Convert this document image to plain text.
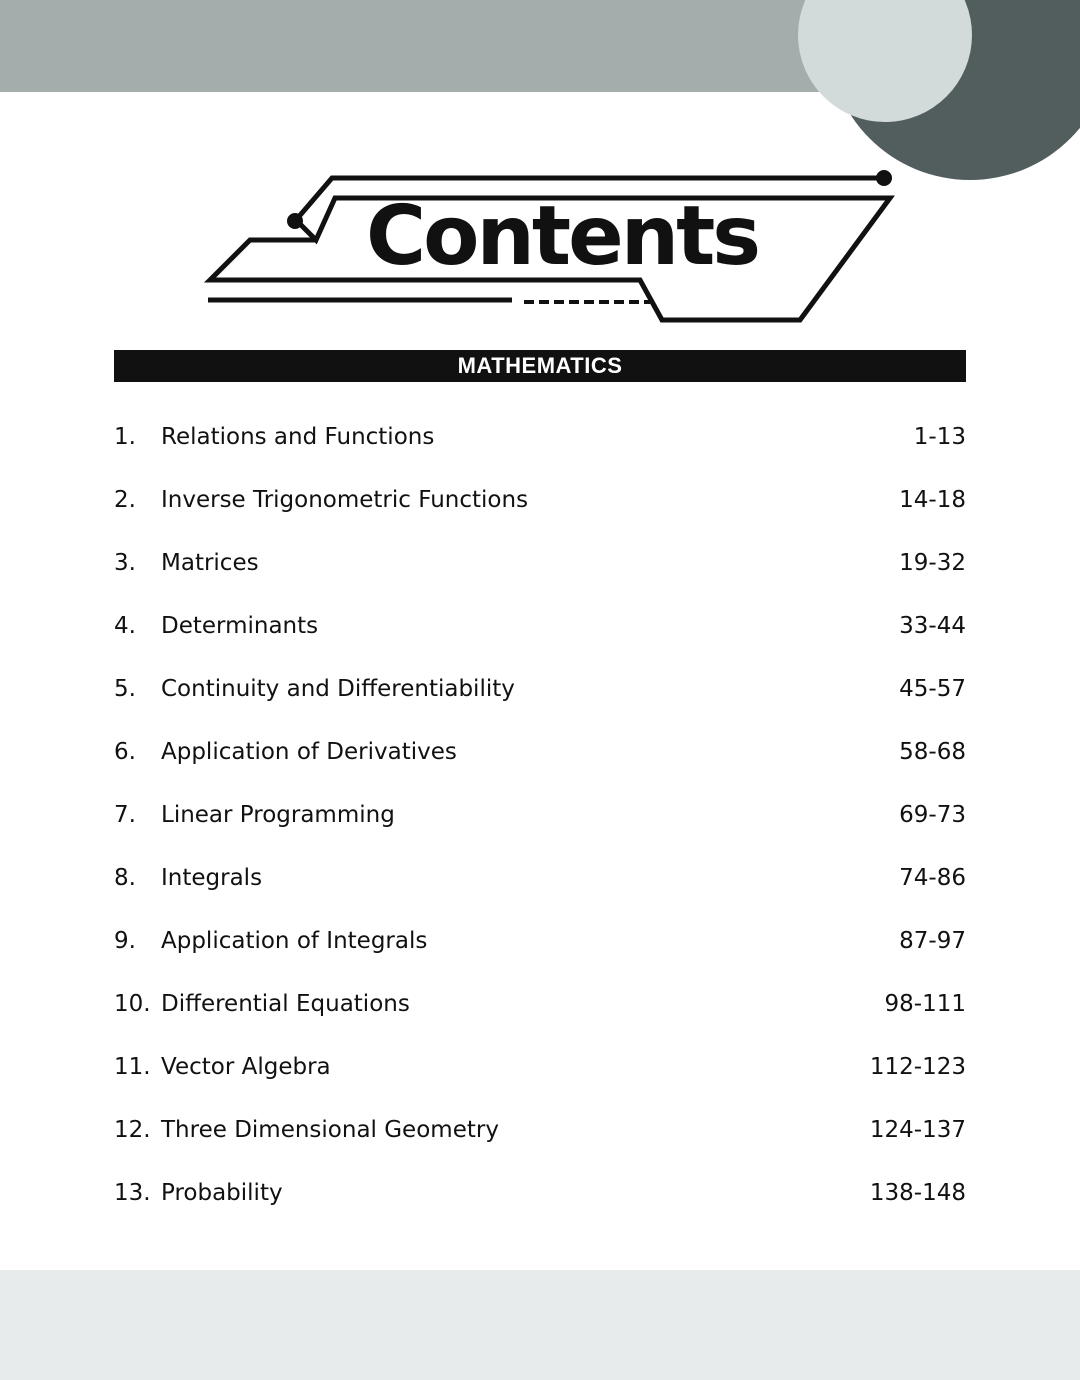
Contents
MATHEMATICS
1. Relations and Functions	1-13
2. Inverse Trigonometric Functions	14-18
3. Matrices	19-32
4. Determinants	33-44
5. Continuity and Differentiability	45-57
6. Application of Derivatives	58-68
7. Linear Programming	69-73
8. Integrals	74-86
9. Application of Integrals	87-97
10. Differential Equations	98-111
11. Vector Algebra	112-123
12. Three Dimensional Geometry	124-137
13. Probability	138-148
